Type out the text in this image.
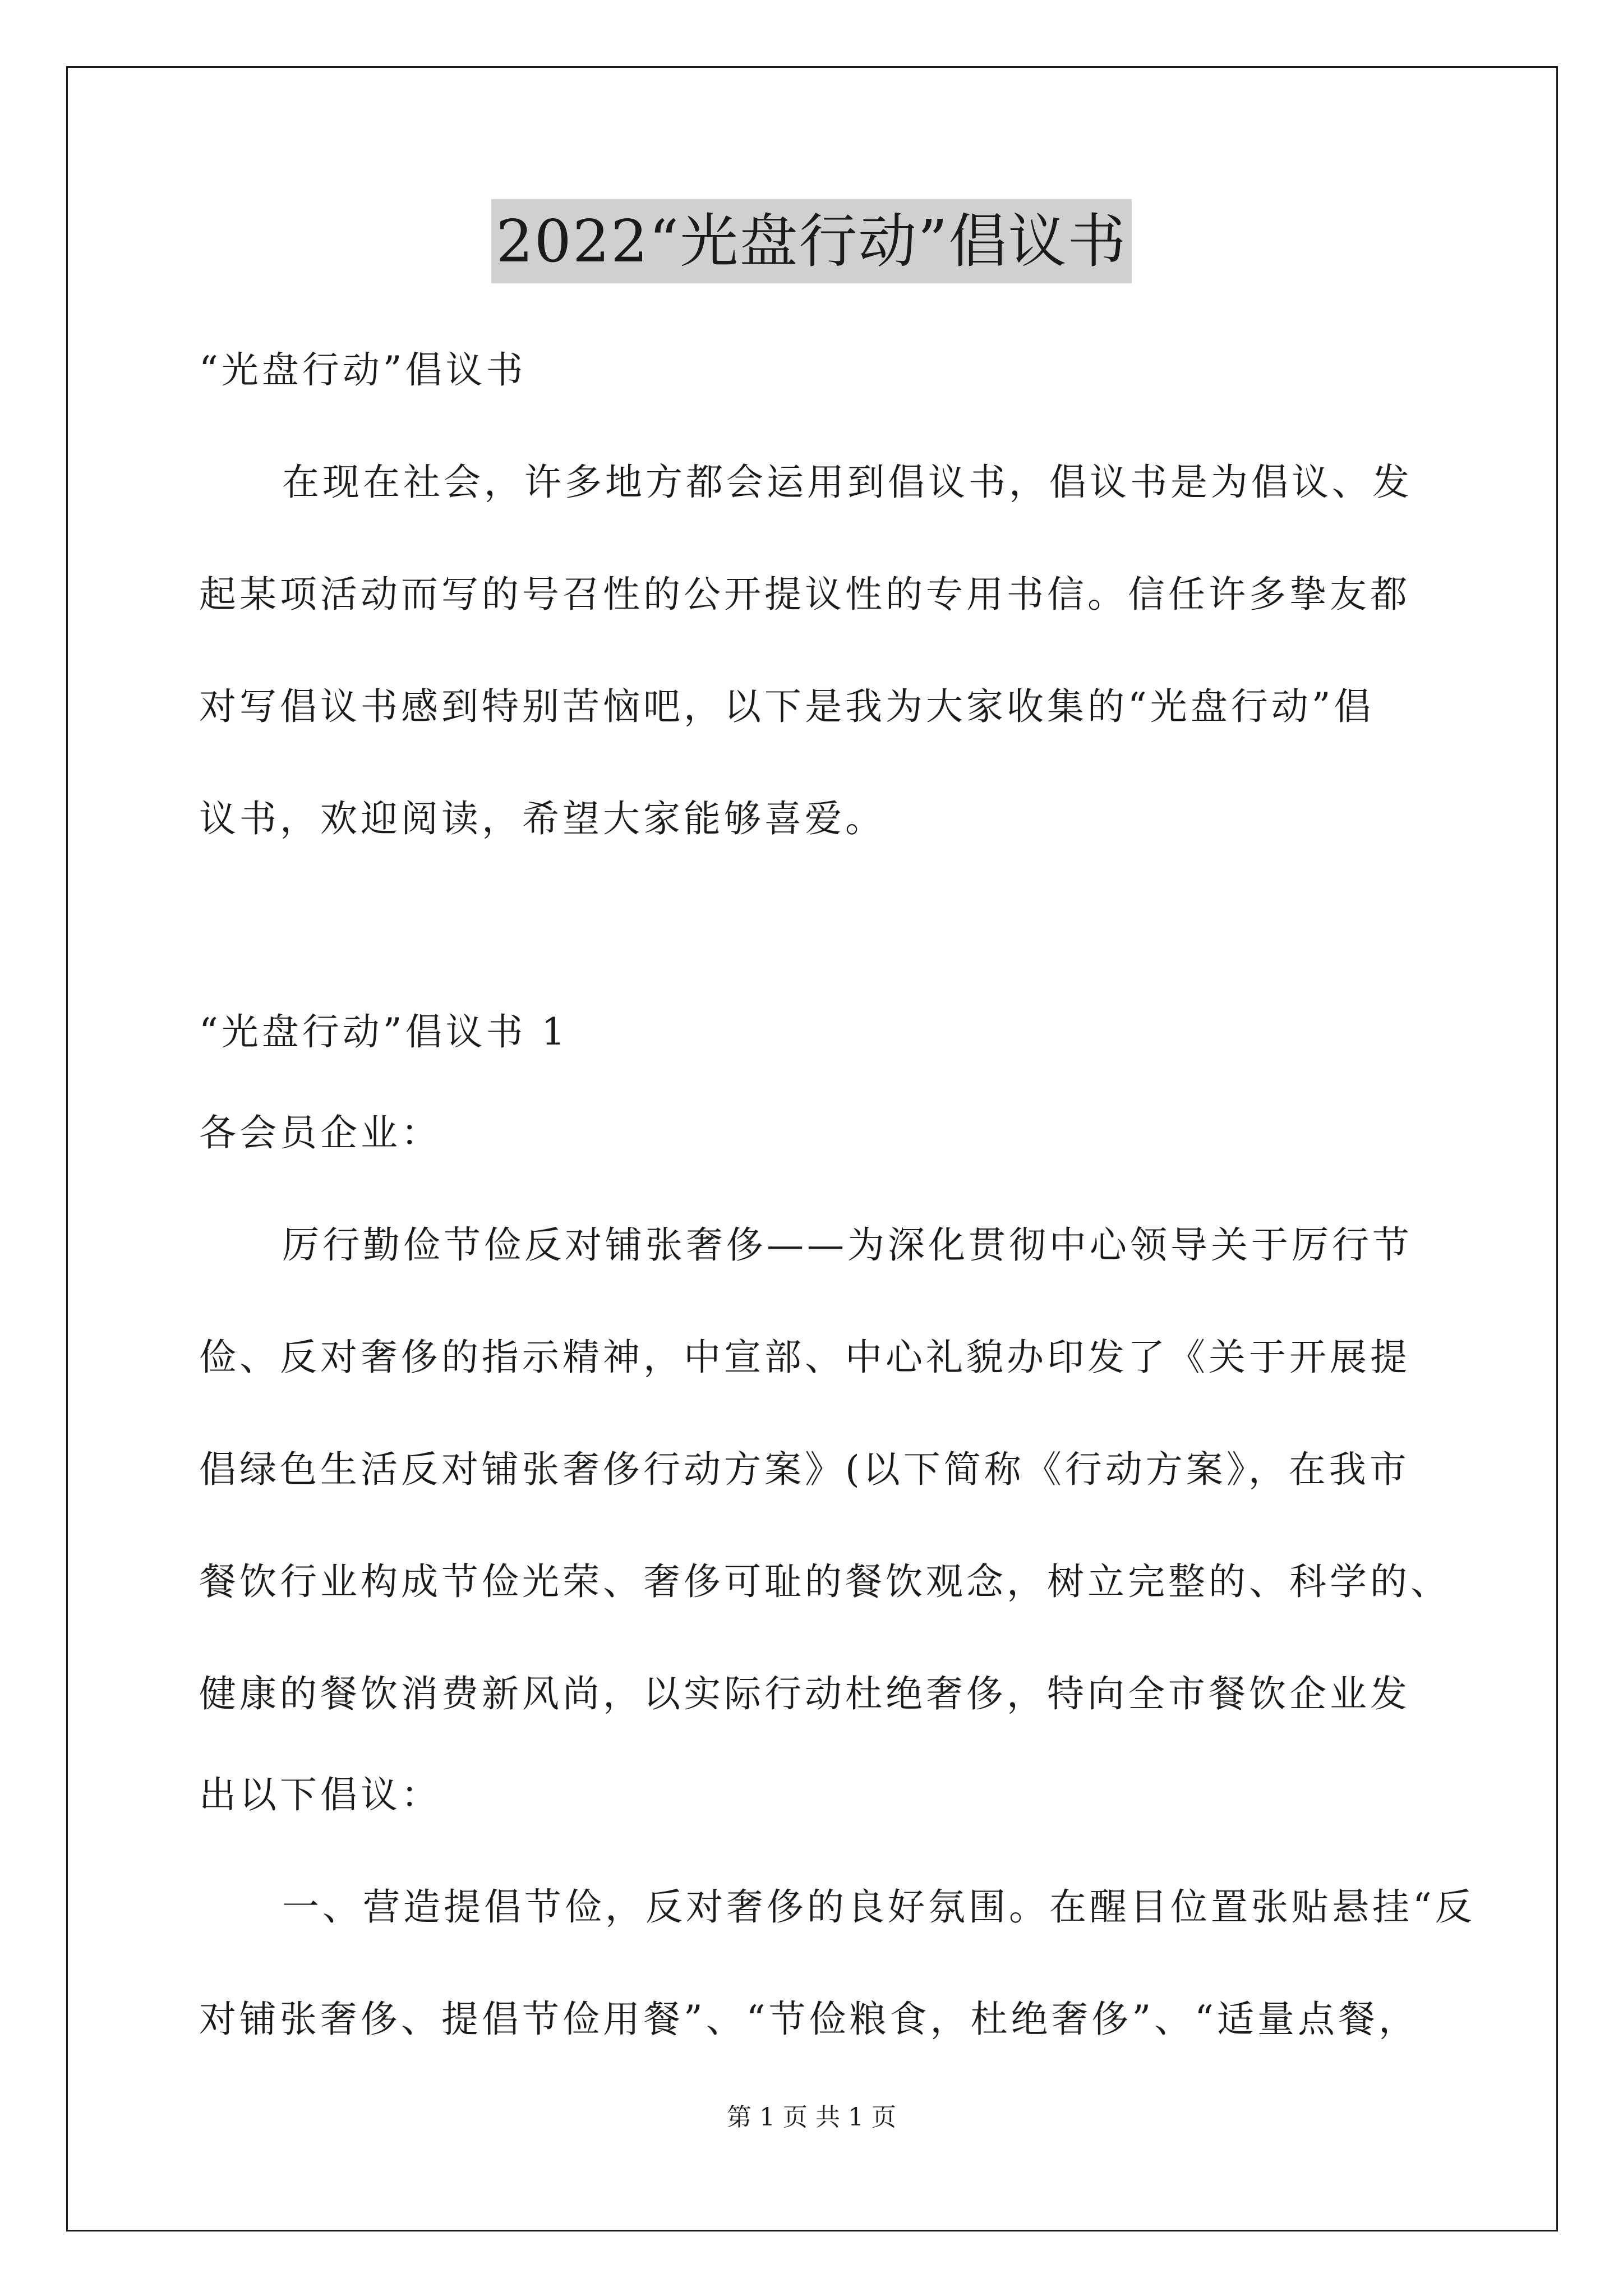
2022“光盘行动”倡议书
“光盘行动”倡议书
在现在社会，许多地方都会运用到倡议书，倡议书是为倡议、发
起某项活动而写的号召性的公开提议性的专用书信。信任许多挚友都
对写倡议书感到特别苦恼吧，以下是我为大家收集的“光盘行动”倡
议书，欢迎阅读，希望大家能够喜爱。
“光盘行动”倡议书 1
各会员企业：
厉行勤俭节俭反对铺张奢侈——为深化贯彻中心领导关于厉行节
俭、反对奢侈的指示精神，中宣部、中心礼貌办印发了《关于开展提
倡绿色生活反对铺张奢侈行动方案》(以下简称《行动方案》，在我市
餐饮行业构成节俭光荣、奢侈可耻的餐饮观念，树立完整的、科学的、
健康的餐饮消费新风尚，以实际行动杜绝奢侈，特向全市餐饮企业发
出以下倡议：
一、营造提倡节俭，反对奢侈的良好氛围。在醒目位置张贴悬挂“反
对铺张奢侈、提倡节俭用餐”、“节俭粮食，杜绝奢侈”、“适量点餐，
第 1 页 共 1 页
